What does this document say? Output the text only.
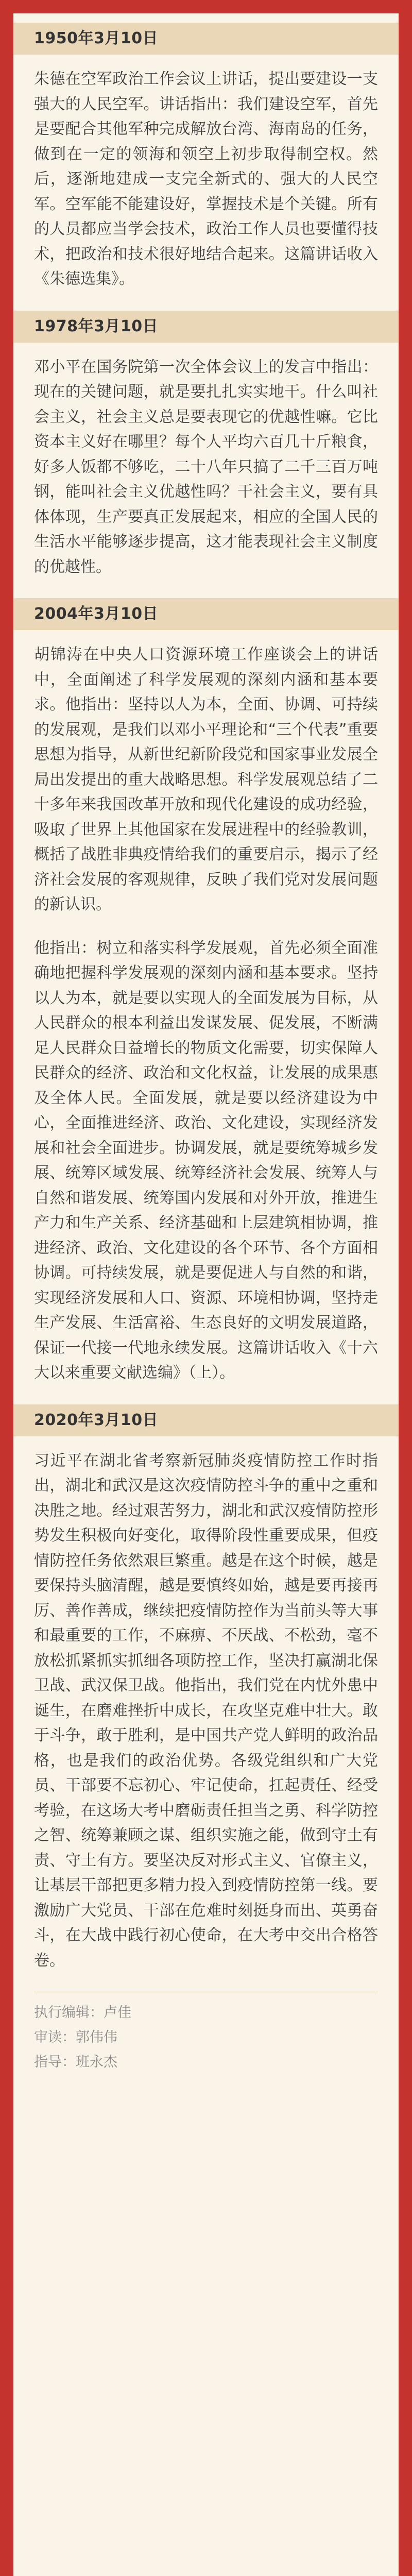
1950年3月10日

朱德在空军政治工作会议上讲话，提出要建设一支强大的人民空军。讲话指出：我们建设空军，首先是要配合其他军种完成解放台湾、海南岛的任务，做到在一定的领海和领空上初步取得制空权。然后，逐渐地建成一支完全新式的、强大的人民空军。空军能不能建设好，掌握技术是个关键。所有的人员都应当学会技术，政治工作人员也要懂得技术，把政治和技术很好地结合起来。这篇讲话收入《朱德选集》。

1978年3月10日

邓小平在国务院第一次全体会议上的发言中指出：现在的关键问题，就是要扎扎实实地干。什么叫社会主义，社会主义总是要表现它的优越性嘛。它比资本主义好在哪里？每个人平均六百几十斤粮食，好多人饭都不够吃，二十八年只搞了二千三百万吨钢，能叫社会主义优越性吗？干社会主义，要有具体体现，生产要真正发展起来，相应的全国人民的生活水平能够逐步提高，这才能表现社会主义制度的优越性。

2004年3月10日

胡锦涛在中央人口资源环境工作座谈会上的讲话中，全面阐述了科学发展观的深刻内涵和基本要求。他指出：坚持以人为本，全面、协调、可持续的发展观，是我们以邓小平理论和“三个代表”重要思想为指导，从新世纪新阶段党和国家事业发展全局出发提出的重大战略思想。科学发展观总结了二十多年来我国改革开放和现代化建设的成功经验，吸取了世界上其他国家在发展进程中的经验教训，概括了战胜非典疫情给我们的重要启示，揭示了经济社会发展的客观规律，反映了我们党对发展问题的新认识。

他指出：树立和落实科学发展观，首先必须全面准确地把握科学发展观的深刻内涵和基本要求。坚持以人为本，就是要以实现人的全面发展为目标，从人民群众的根本利益出发谋发展、促发展，不断满足人民群众日益增长的物质文化需要，切实保障人民群众的经济、政治和文化权益，让发展的成果惠及全体人民。全面发展，就是要以经济建设为中心，全面推进经济、政治、文化建设，实现经济发展和社会全面进步。协调发展，就是要统筹城乡发展、统筹区域发展、统筹经济社会发展、统筹人与自然和谐发展、统筹国内发展和对外开放，推进生产力和生产关系、经济基础和上层建筑相协调，推进经济、政治、文化建设的各个环节、各个方面相协调。可持续发展，就是要促进人与自然的和谐，实现经济发展和人口、资源、环境相协调，坚持走生产发展、生活富裕、生态良好的文明发展道路，保证一代接一代地永续发展。这篇讲话收入《十六大以来重要文献选编》（上）。

2020年3月10日

习近平在湖北省考察新冠肺炎疫情防控工作时指出，湖北和武汉是这次疫情防控斗争的重中之重和决胜之地。经过艰苦努力，湖北和武汉疫情防控形势发生积极向好变化，取得阶段性重要成果，但疫情防控任务依然艰巨繁重。越是在这个时候，越是要保持头脑清醒，越是要慎终如始，越是要再接再厉、善作善成，继续把疫情防控作为当前头等大事和最重要的工作，不麻痹、不厌战、不松劲，毫不放松抓紧抓实抓细各项防控工作，坚决打赢湖北保卫战、武汉保卫战。他指出，我们党在内忧外患中诞生，在磨难挫折中成长，在攻坚克难中壮大。敢于斗争，敢于胜利，是中国共产党人鲜明的政治品格，也是我们的政治优势。各级党组织和广大党员、干部要不忘初心、牢记使命，扛起责任、经受考验，在这场大考中磨砺责任担当之勇、科学防控之智、统筹兼顾之谋、组织实施之能，做到守土有责、守土有方。要坚决反对形式主义、官僚主义，让基层干部把更多精力投入到疫情防控第一线。要激励广大党员、干部在危难时刻挺身而出、英勇奋斗，在大战中践行初心使命，在大考中交出合格答卷。

执行编辑：卢佳
审读：郭伟伟
指导：班永杰
